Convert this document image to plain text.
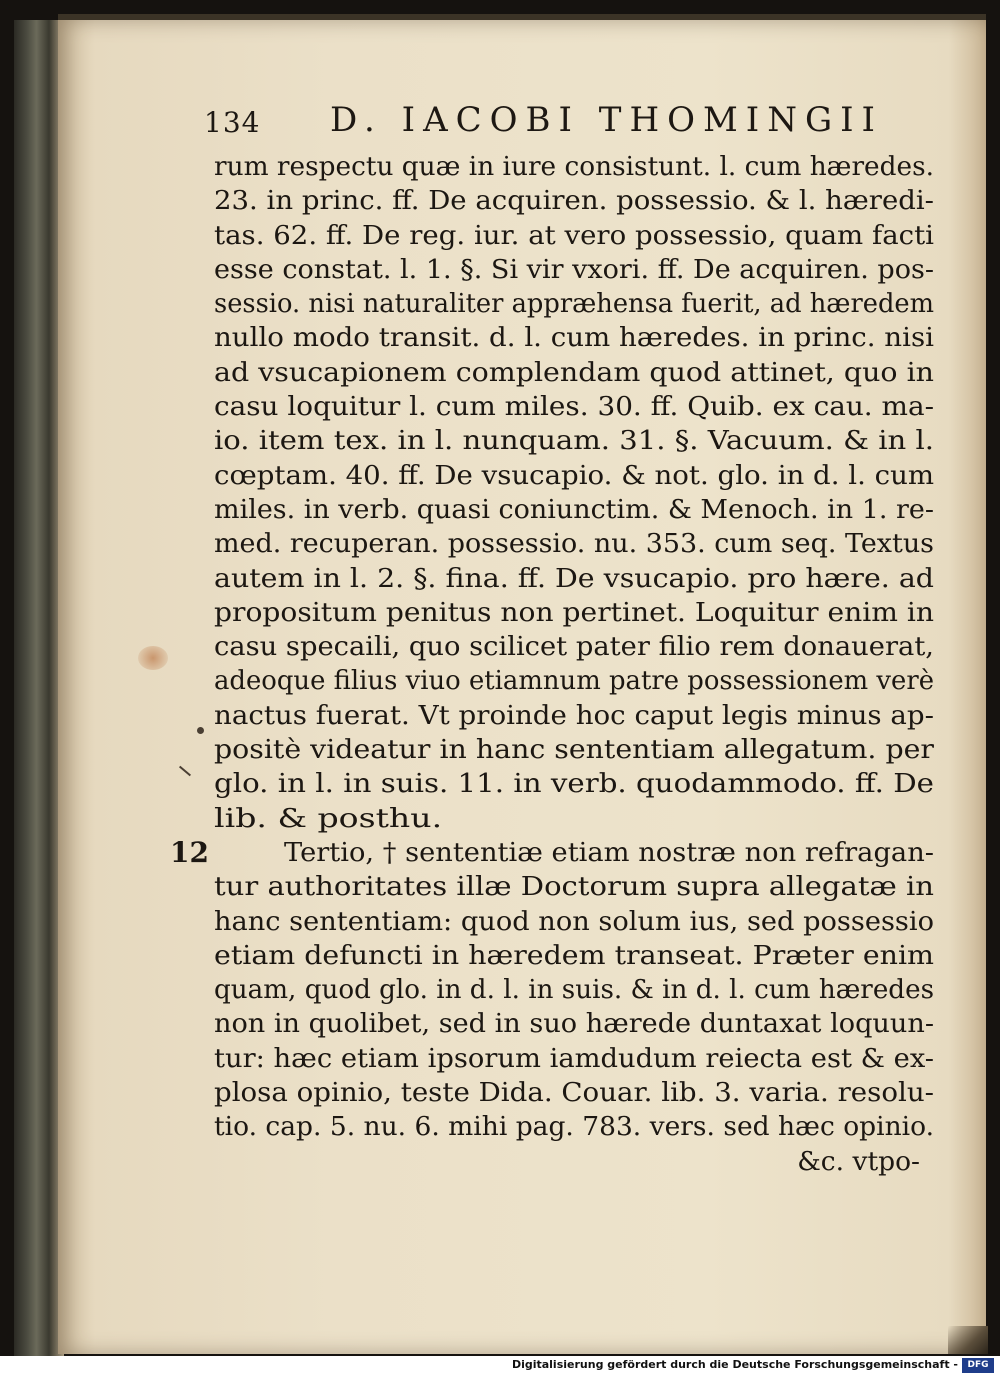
134 D. IACOBI THOMINGII
12
rum respectu quæ in iure consistunt. l. cum hæredes.
23. in princ. ff. De acquiren. possessio. & l. hæredi-
tas. 62. ff. De reg. iur. at vero possessio, quam facti
esse constat. l. 1. §. Si vir vxori. ff. De acquiren. pos-
sessio. nisi naturaliter appræhensa fuerit, ad hæredem
nullo modo transit. d. l. cum hæredes. in princ. nisi
ad vsucapionem complendam quod attinet, quo in
casu loquitur l. cum miles. 30. ff. Quib. ex cau. ma-
io. item tex. in l. nunquam. 31. §. Vacuum. & in l.
cœptam. 40. ff. De vsucapio. & not. glo. in d. l. cum
miles. in verb. quasi coniunctim. & Menoch. in 1. re-
med. recuperan. possessio. nu. 353. cum seq. Textus
autem in l. 2. §. fina. ff. De vsucapio. pro hære. ad
propositum penitus non pertinet. Loquitur enim in
casu specaili, quo scilicet pater filio rem donauerat,
adeoque filius viuo etiamnum patre possessionem verè
nactus fuerat. Vt proinde hoc caput legis minus ap-
positè videatur in hanc sententiam allegatum. per
glo. in l. in suis. 11. in verb. quodammodo. ff. De
lib. & posthu.
Tertio, † sententiæ etiam nostræ non refragan-
tur authoritates illæ Doctorum supra allegatæ in
hanc sententiam: quod non solum ius, sed possessio
etiam defuncti in hæredem transeat. Præter enim
quam, quod glo. in d. l. in suis. & in d. l. cum hæredes
non in quolibet, sed in suo hærede duntaxat loquun-
tur: hæc etiam ipsorum iamdudum reiecta est & ex-
plosa opinio, teste Dida. Couar. lib. 3. varia. resolu-
tio. cap. 5. nu. 6. mihi pag. 783. vers. sed hæc opinio.
&c. vtpo-
Digitalisierung gefördert durch die Deutsche Forschungsgemeinschaft -	DFG
